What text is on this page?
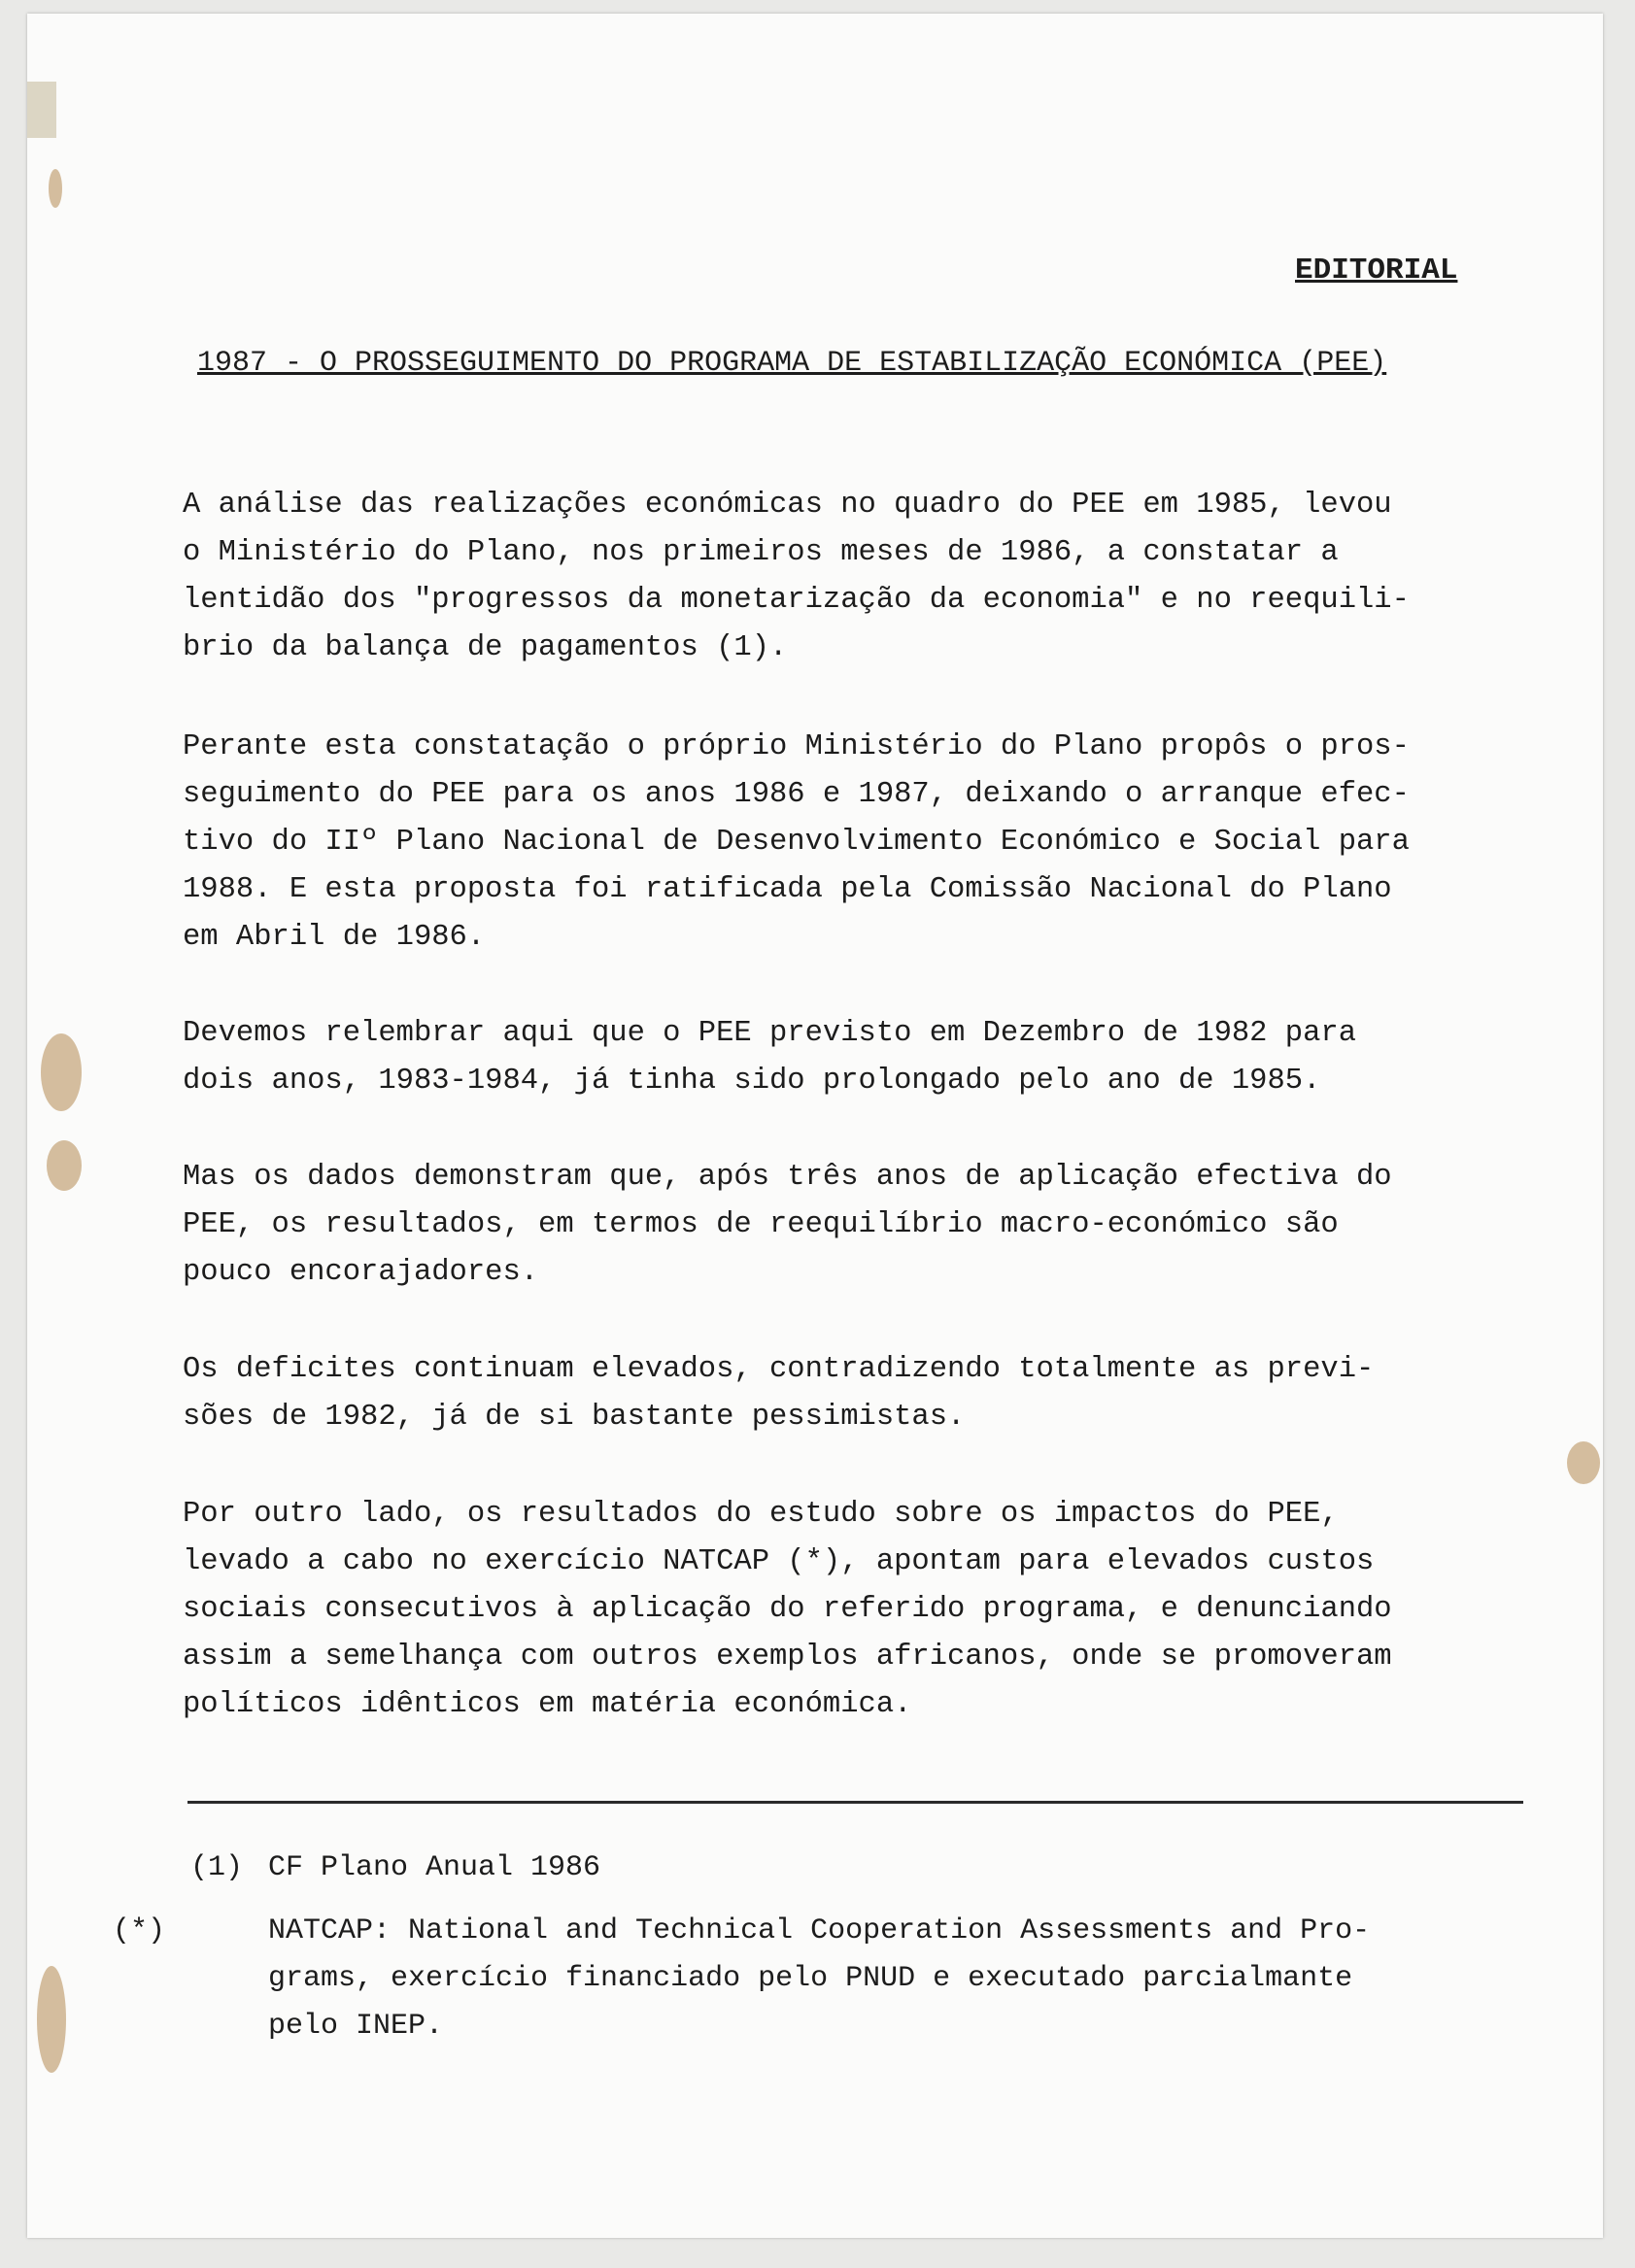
EDITORIAL
1987 - O PROSSEGUIMENTO DO PROGRAMA DE ESTABILIZAÇÃO ECONÓMICA (PEE)

A análise das realizações económicas no quadro do PEE em 1985, levou
o Ministério do Plano, nos primeiros meses de 1986, a constatar a
lentidão dos "progressos da monetarização da economia" e no reequili-
brio da balança de pagamentos (1).

Perante esta constatação o próprio Ministério do Plano propôs o pros-
seguimento do PEE para os anos 1986 e 1987, deixando o arranque efec-
tivo do IIº Plano Nacional de Desenvolvimento Económico e Social para
1988. E esta proposta foi ratificada pela Comissão Nacional do Plano
em Abril de 1986.

Devemos relembrar aqui que o PEE previsto em Dezembro de 1982 para
dois anos, 1983-1984, já tinha sido prolongado pelo ano de 1985.

Mas os dados demonstram que, após três anos de aplicação efectiva do
PEE, os resultados, em termos de reequilíbrio macro-económico são
pouco encorajadores.

Os deficites continuam elevados, contradizendo totalmente as previ-
sões de 1982, já de si bastante pessimistas.

Por outro lado, os resultados do estudo sobre os impactos do PEE,
levado a cabo no exercício NATCAP (*), apontam para elevados custos
sociais consecutivos à aplicação do referido programa, e denunciando
assim a semelhança com outros exemplos africanos, onde se promoveram
políticos idênticos em matéria económica.

(1) CF Plano Anual 1986
(*)	NATCAP: National and Technical Cooperation Assessments and Pro-
grams, exercício financiado pelo PNUD e executado parcialmante
pelo INEP.
